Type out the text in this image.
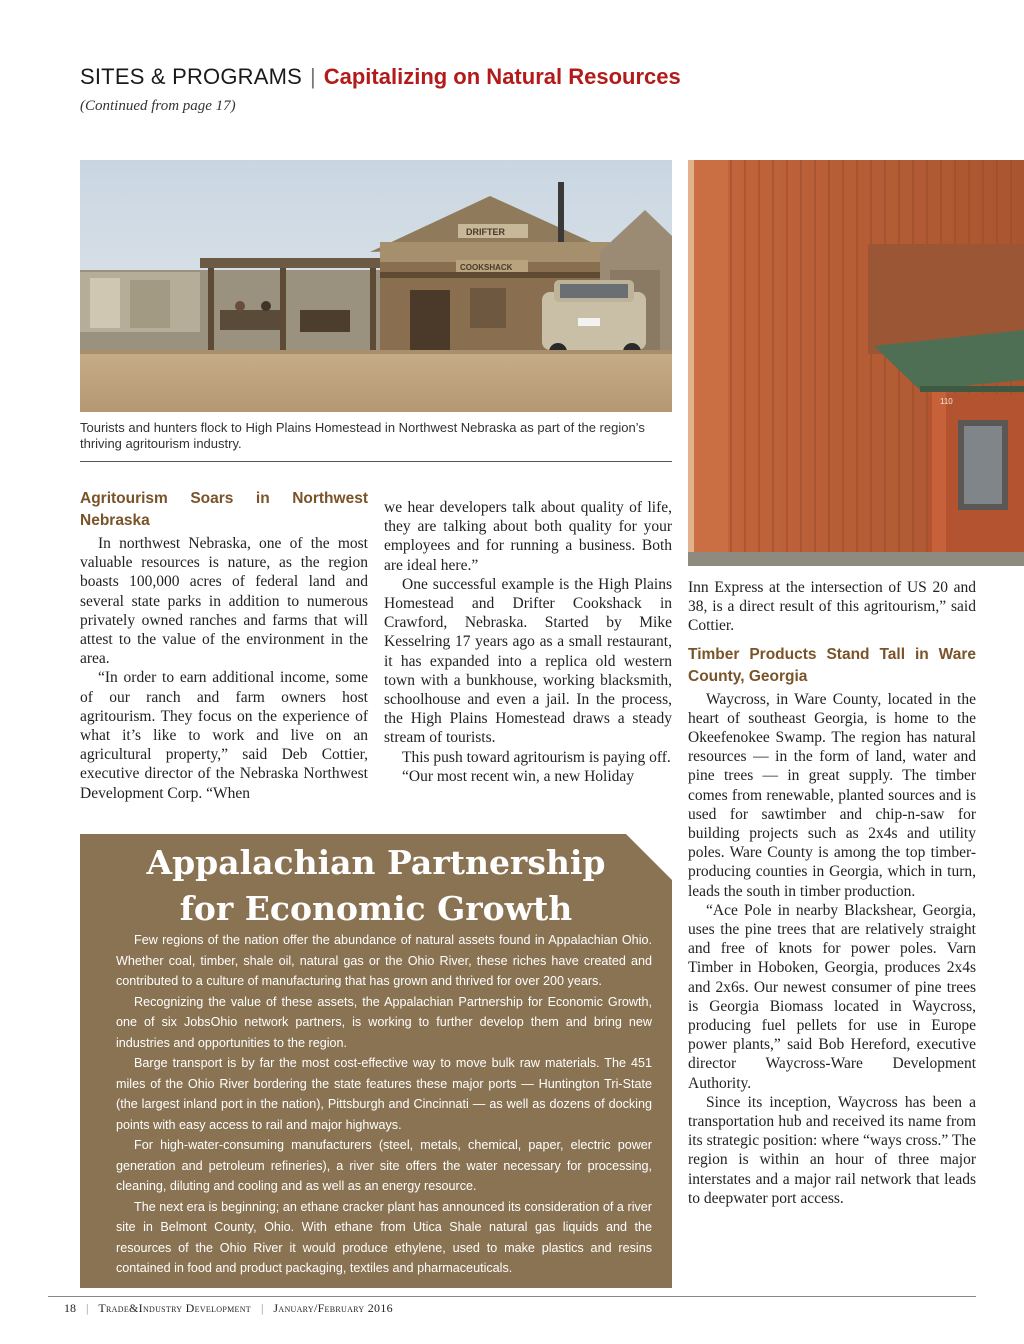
SITES & PROGRAMS | Capitalizing on Natural Resources
(Continued from page 17)
DRIFTER
COOKSHACK
110
Tourists and hunters flock to High Plains Homestead in Northwest Nebraska as part of the region’s thriving agritourism industry.
Agritourism Soars in Northwest Nebraska

In northwest Nebraska, one of the most valuable resources is nature, as the region boasts 100,000 acres of federal land and several state parks in addition to numerous privately owned ranches and farms that will attest to the value of the environment in the area.

“In order to earn additional income, some of our ranch and farm owners host agritourism. They focus on the experience of what it’s like to work and live on an agricultural property,” said Deb Cottier, executive director of the Nebraska Northwest Development Corp. “When

we hear developers talk about quality of life, they are talking about both quality for your employees and for running a business. Both are ideal here.”

One successful example is the High Plains Homestead and Drifter Cookshack in Crawford, Nebraska. Started by Mike Kesselring 17 years ago as a small restaurant, it has expanded into a replica old western town with a bunkhouse, working blacksmith, schoolhouse and even a jail. In the process, the High Plains Homestead draws a steady stream of tourists.

This push toward agritourism is paying off.

“Our most recent win, a new Holiday

Inn Express at the intersection of US 20 and 38, is a direct result of this agritourism,” said Cottier.

Timber Products Stand Tall in Ware County, Georgia

Waycross, in Ware County, located in the heart of southeast Georgia, is home to the Okeefenokee Swamp. The region has natural resources — in the form of land, water and pine trees — in great supply. The timber comes from renewable, planted sources and is used for sawtimber and chip-n-saw for building projects such as 2x4s and utility poles. Ware County is among the top timber-producing counties in Georgia, which in turn, leads the south in timber production.

“Ace Pole in nearby Blackshear, Georgia, uses the pine trees that are relatively straight and free of knots for power poles. Varn Timber in Hoboken, Georgia, produces 2x4s and 2x6s. Our newest consumer of pine trees is Georgia Biomass located in Waycross, producing fuel pellets for use in Europe power plants,” said Bob Hereford, executive director Waycross-Ware Development Authority.

Since its inception, Waycross has been a transportation hub and received its name from its strategic position: where “ways cross.” The region is within an hour of three major interstates and a major rail network that leads to deepwater port access.

Appalachian Partnership
for Economic Growth

Few regions of the nation offer the abundance of natural assets found in Appalachian Ohio. Whether coal, timber, shale oil, natural gas or the Ohio River, these riches have created and contributed to a culture of manufacturing that has grown and thrived for over 200 years.

Recognizing the value of these assets, the Appalachian Partnership for Economic Growth, one of six JobsOhio network partners, is working to further develop them and bring new industries and opportunities to the region.

Barge transport is by far the most cost-effective way to move bulk raw materials. The 451 miles of the Ohio River bordering the state features these major ports — Huntington Tri-State (the largest inland port in the nation), Pittsburgh and Cincinnati — as well as dozens of docking points with easy access to rail and major highways.

For high-water-consuming manufacturers (steel, metals, chemical, paper, electric power generation and petroleum refineries), a river site offers the water necessary for processing, cleaning, diluting and cooling and as well as an energy resource.

The next era is beginning; an ethane cracker plant has announced its consideration of a river site in Belmont County, Ohio. With ethane from Utica Shale natural gas liquids and the resources of the Ohio River it would produce ethylene, used to make plastics and resins contained in food and product packaging, textiles and pharmaceuticals.

18 | Trade&Industry Development | January/February 2016
